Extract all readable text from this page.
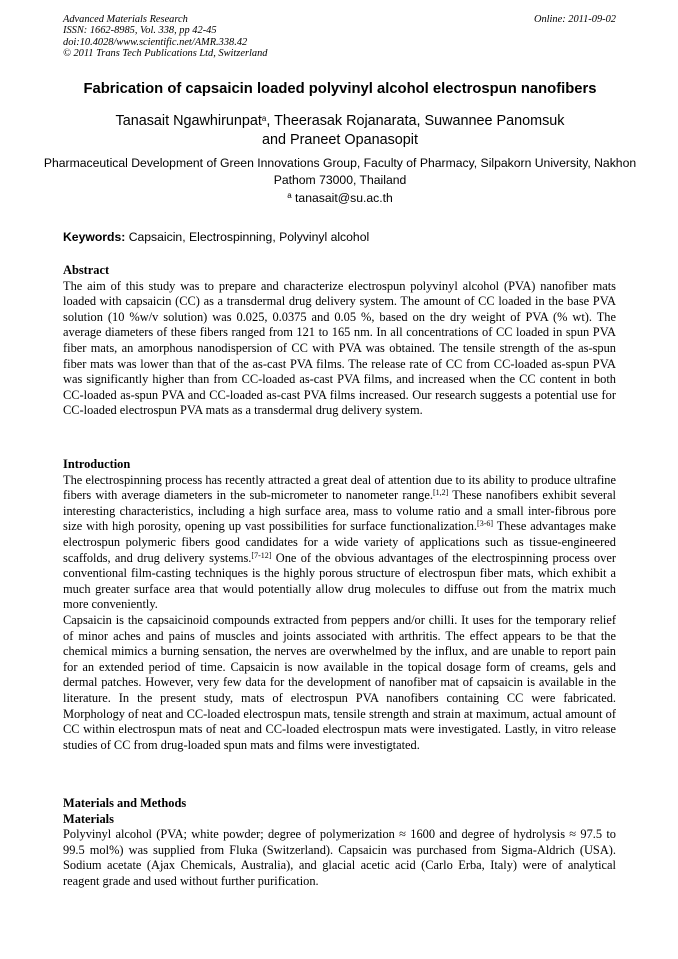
Advanced Materials Research
ISSN: 1662-8985, Vol. 338, pp 42-45
doi:10.4028/www.scientific.net/AMR.338.42
© 2011 Trans Tech Publications Ltd, Switzerland
Online: 2011-09-02
Fabrication of capsaicin loaded polyvinyl alcohol electrospun nanofibers
Tanasait Ngawhirunpat$^a$, Theerasak Rojanarata, Suwannee Panomsuk
and Praneet Opanasopit
Pharmaceutical Development of Green Innovations Group, Faculty of Pharmacy, Silpakorn University, Nakhon Pathom 73000, Thailand
$^a$ tanasait@su.ac.th
Keywords: Capsaicin, Electrospinning, Polyvinyl alcohol
Abstract

The aim of this study was to prepare and characterize electrospun polyvinyl alcohol (PVA) nanofiber mats loaded with capsaicin (CC) as a transdermal drug delivery system. The amount of CC loaded in the base PVA solution (10 %w/v solution) was 0.025, 0.0375 and 0.05 %, based on the dry weight of PVA (% wt). The average diameters of these fibers ranged from 121 to 165 nm. In all concentrations of CC loaded in spun PVA fiber mats, an amorphous nanodispersion of CC with PVA was obtained. The tensile strength of the as-spun fiber mats was lower than that of the as-cast PVA films. The release rate of CC from CC-loaded as-spun PVA was significantly higher than from CC-loaded as-cast PVA films, and increased when the CC content in both CC-loaded as-spun PVA and CC-loaded as-cast PVA films increased. Our research suggests a potential use for CC-loaded electrospun PVA mats as a transdermal drug delivery system.

Introduction

The electrospinning process has recently attracted a great deal of attention due to its ability to produce ultrafine fibers with average diameters in the sub-micrometer to nanometer range.[1,2] These nanofibers exhibit several interesting characteristics, including a high surface area, mass to volume ratio and a small inter-fibrous pore size with high porosity, opening up vast possibilities for surface functionalization.[3-6] These advantages make electrospun polymeric fibers good candidates for a wide variety of applications such as tissue-engineered scaffolds, and drug delivery systems.[7-12] One of the obvious advantages of the electrospinning process over conventional film-casting techniques is the highly porous structure of electrospun fiber mats, which exhibit a much greater surface area that would potentially allow drug molecules to diffuse out from the matrix much more conveniently.

Capsaicin is the capsaicinoid compounds extracted from peppers and/or chilli. It uses for the temporary relief of minor aches and pains of muscles and joints associated with arthritis. The effect appears to be that the chemical mimics a burning sensation, the nerves are overwhelmed by the influx, and are unable to report pain for an extended period of time. Capsaicin is now available in the topical dosage form of creams, gels and dermal patches. However, very few data for the development of nanofiber mat of capsaicin is available in the literature. In the present study, mats of electrospun PVA nanofibers containing CC were fabricated. Morphology of neat and CC-loaded electrospun mats, tensile strength and strain at maximum, actual amount of CC within electrospun mats of neat and CC-loaded electrospun mats were investigated. Lastly, in vitro release studies of CC from drug-loaded spun mats and films were investigtated.

Materials and Methods
Materials

Polyvinyl alcohol (PVA; white powder; degree of polymerization ≈ 1600 and degree of hydrolysis ≈ 97.5 to 99.5 mol%) was supplied from Fluka (Switzerland). Capsaicin was purchased from Sigma-Aldrich (USA). Sodium acetate (Ajax Chemicals, Australia), and glacial acetic acid (Carlo Erba, Italy) were of analytical reagent grade and used without further purification.
